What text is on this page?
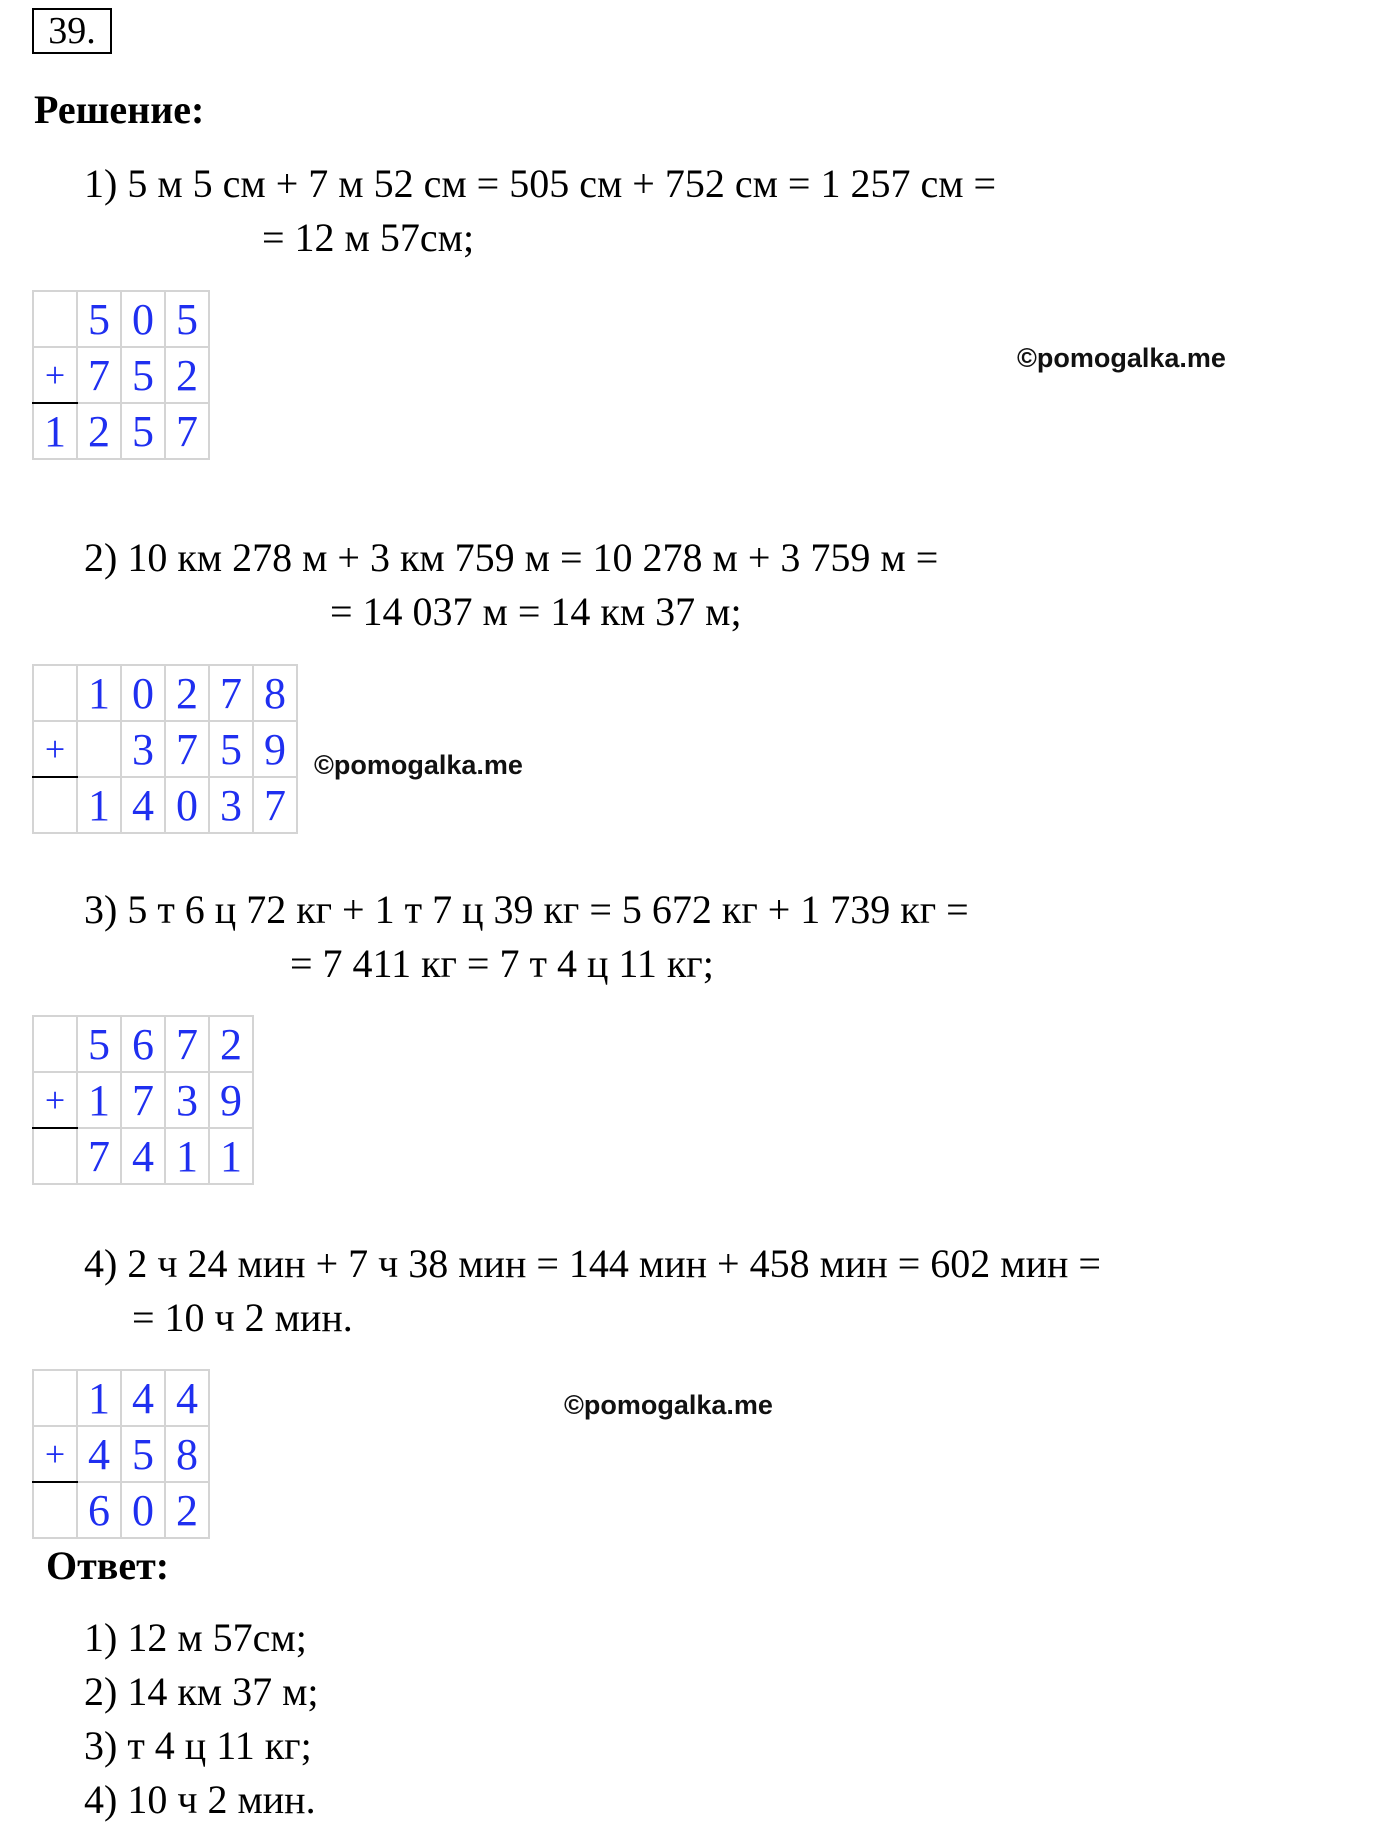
39.
Решение:
1) 5 м 5 см + 7 м 52 см = 505 см + 752 см = 1 257 см =
= 12 м 57см;
	5	0	5
+	7	5	2
1	2	5	7
©pomogalka.me
2) 10 км 278 м + 3 км 759 м = 10 278 м + 3 759 м =
= 14 037 м = 14 км 37 м;
	1	0	2	7	8
+		3	7	5	9
	1	4	0	3	7
©pomogalka.me
3) 5 т 6 ц 72 кг + 1 т 7 ц 39 кг = 5 672 кг + 1 739 кг =
= 7 411 кг = 7 т 4 ц 11 кг;
	5	6	7	2
+	1	7	3	9
	7	4	1	1
4) 2 ч 24 мин + 7 ч 38 мин = 144 мин + 458 мин = 602 мин =
= 10 ч 2 мин.
	1	4	4
+	4	5	8
	6	0	2
©pomogalka.me
Ответ:
1) 12 м 57см;
2) 14 км 37 м;
3) т 4 ц 11 кг;
4) 10 ч 2 мин.
